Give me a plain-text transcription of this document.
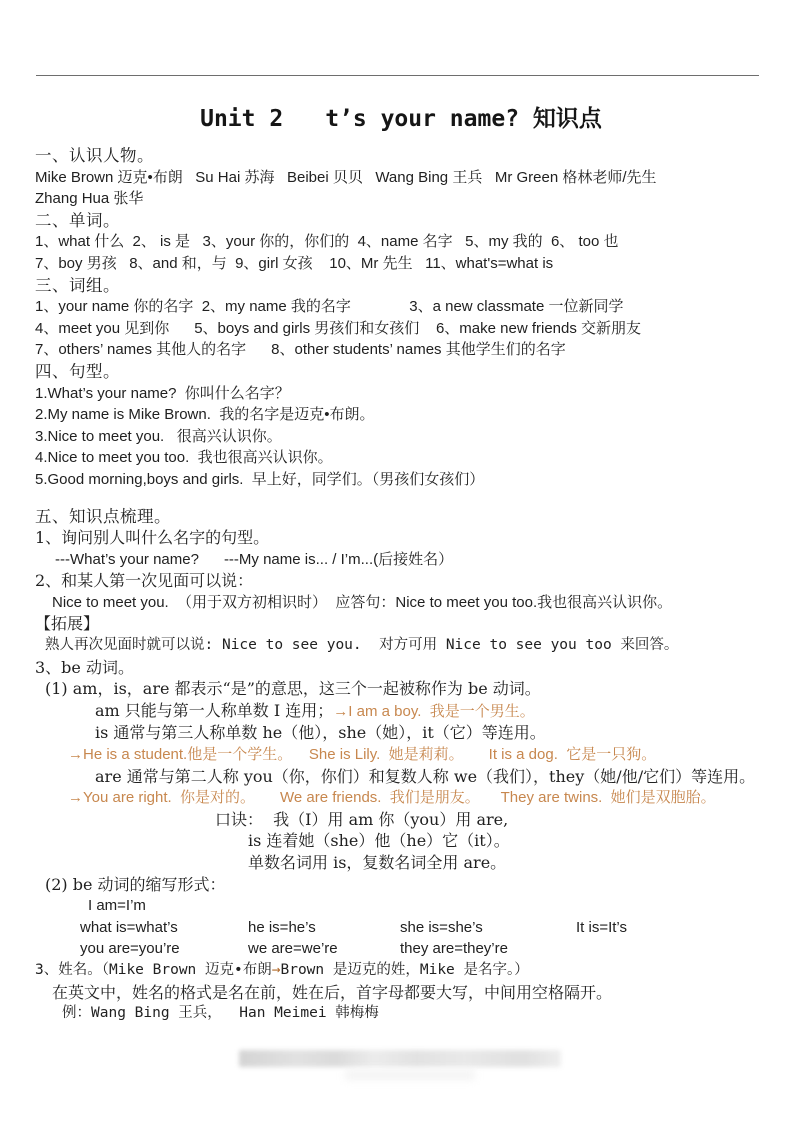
Unit 2 t’s your name? 知识点
一、认识人物。
Mike Brown 迈克•布朗   Su Hai 苏海   Beibei 贝贝   Wang Bing 王兵   Mr Green 格林老师/先生
Zhang Hua 张华
二、单词。
1、what 什么  2、 is 是   3、your 你的，你们的  4、name 名字   5、my 我的  6、 too 也
7、boy 男孩   8、and 和，与  9、girl 女孩    10、Mr 先生   11、what's=what is
三、词组。
1、your name 你的名字  2、my name 我的名字              3、a new classmate 一位新同学
4、meet you 见到你      5、boys and girls 男孩们和女孩们    6、make new friends 交新朋友
7、others’ names 其他人的名字      8、other students’ names 其他学生们的名字
四、句型。
1.What’s your name?  你叫什么名字？
2.My name is Mike Brown.  我的名字是迈克•布朗。
3.Nice to meet you.   很高兴认识你。
4.Nice to meet you too.  我也很高兴认识你。
5.Good morning,boys and girls.  早上好，同学们。（男孩们女孩们）
五、知识点梳理。
1、询问别人叫什么名字的句型。
---What’s your name?      ---My name is... / I’m...(后接姓名）
2、和某人第一次见面可以说：
Nice to meet you.  （用于双方初相识时）  应答句：Nice to meet you too.我也很高兴认识你。
【拓展】
熟人再次见面时就可以说: Nice to see you.  对方可用 Nice to see you too 来回答。
3、be 动词。
(1) am，is，are 都表示“是”的意思，这三个一起被称作为 be 动词。
am 只能与第一人称单数 I 连用；→I am a boy.  我是一个男生。
is 通常与第三人称单数 he（他），she（她），it（它）等连用。
→He is a student.他是一个学生。    She is Lily.  她是莉莉。      It is a dog.  它是一只狗。
are 通常与第二人称 you（你，你们）和复数人称 we（我们），they（她/他/它们）等连用。
→You are right.  你是对的。      We are friends.  我们是朋友。     They are twins.  她们是双胞胎。
口诀：  我（I）用 am 你（you）用 are,
is 连着她（she）他（he）它（it）。
单数名词用 is，复数名词全用 are。
(2) be 动词的缩写形式：
I am=I’m
what is=what’s	he is=he’s	she is=she’s	It is=It’s
you are=you’re	we are=we’re	they are=they’re
3、姓名。（Mike Brown 迈克•布朗→Brown 是迈克的姓，Mike 是名字。）
在英文中，姓名的格式是名在前，姓在后，首字母都要大写，中间用空格隔开。
例：Wang Bing 王兵，  Han Meimei 韩梅梅
